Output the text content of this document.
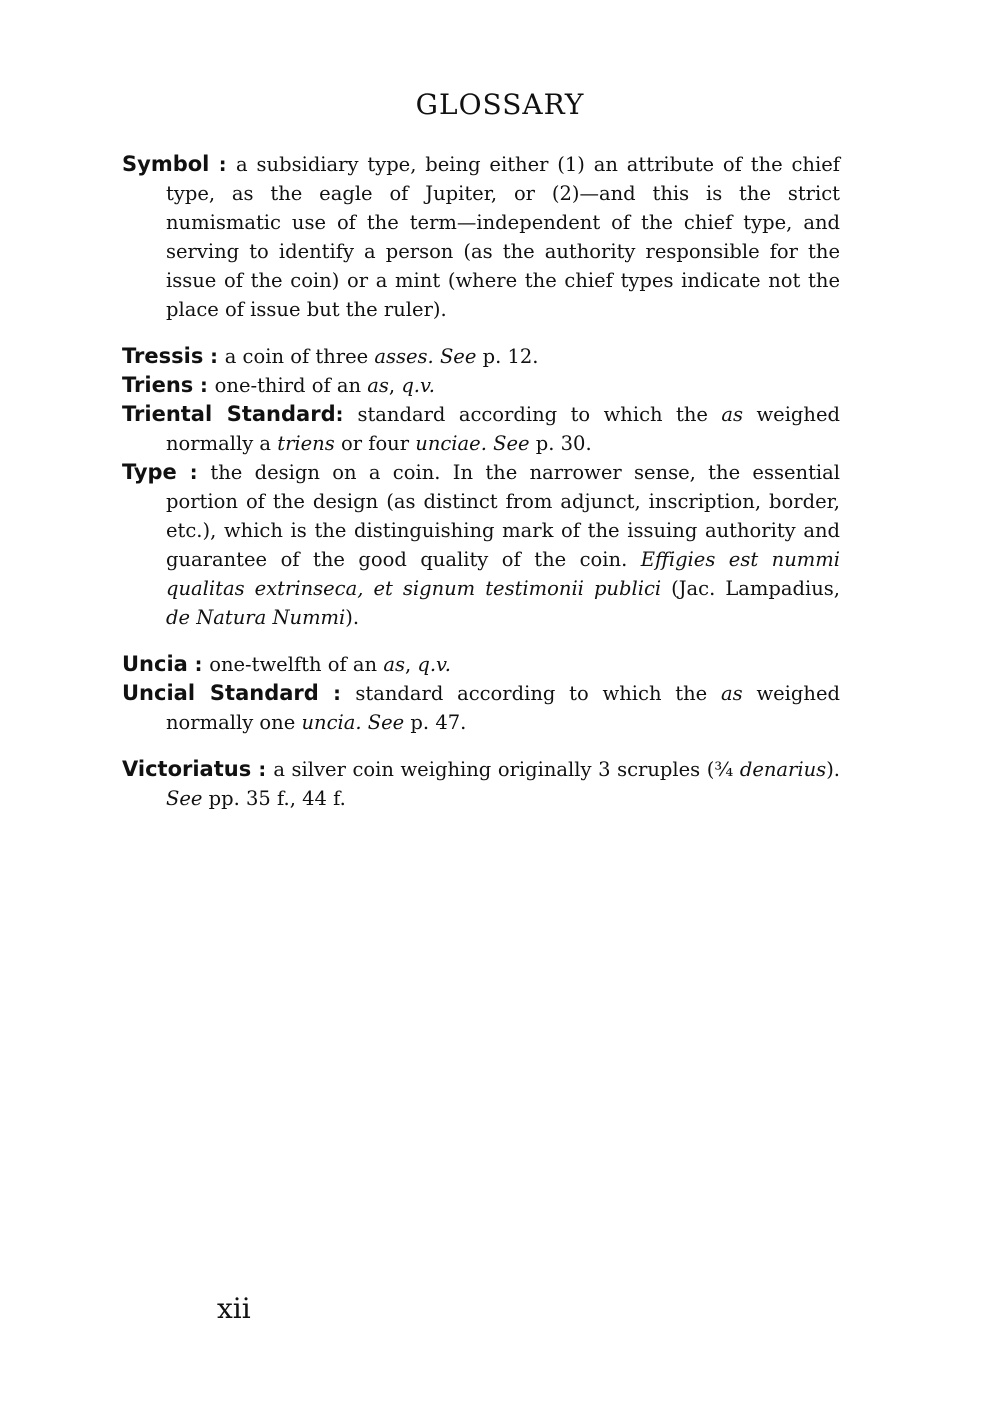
GLOSSARY

Symbol : a subsidiary type, being either (1) an attribute of the chief type, as the eagle of Jupiter, or (2)—and this is the strict numismatic use of the term—independent of the chief type, and serving to identify a person (as the authority responsible for the issue of the coin) or a mint (where the chief types indicate not the place of issue but the ruler).

Tressis : a coin of three asses. See p. 12.

Triens : one-third of an as, q.v.

Triental Standard: standard according to which the as weighed normally a triens or four unciae. See p. 30.

Type : the design on a coin. In the narrower sense, the essential portion of the design (as distinct from adjunct, inscription, border, etc.), which is the distinguishing mark of the issuing authority and guarantee of the good quality of the coin. Effigies est nummi qualitas extrinseca, et signum testimonii publici (Jac. Lampadius, de Natura Nummi).

Uncia : one-twelfth of an as, q.v.

Uncial Standard : standard according to which the as weighed normally one uncia. See p. 47.

Victoriatus : a silver coin weighing originally 3 scruples (¾ denarius). See pp. 35 f., 44 f.

xii
